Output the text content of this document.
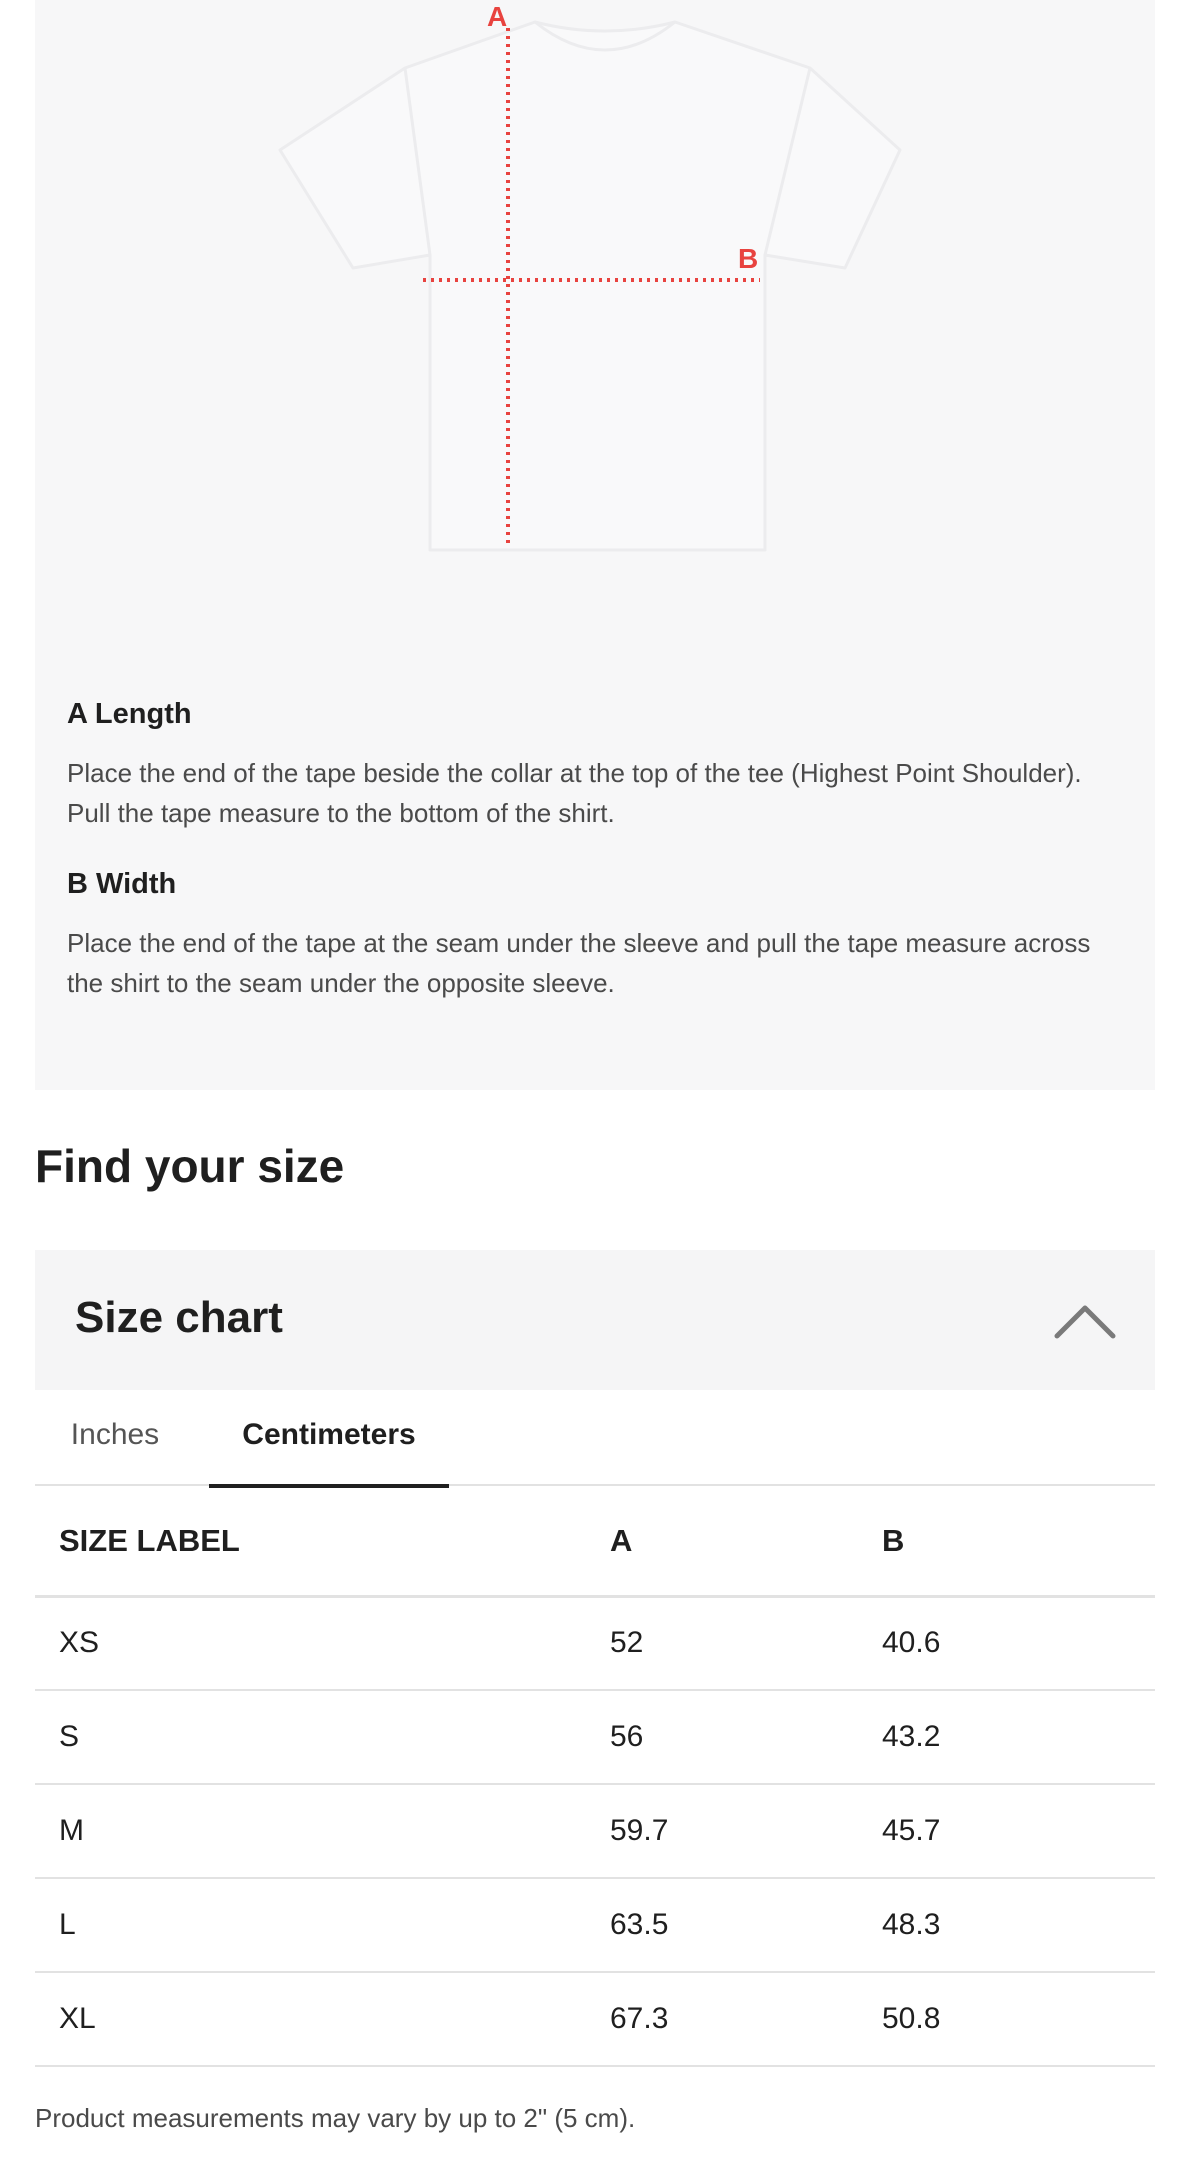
A
B
A Length

Place the end of the tape beside the collar at the top of the tee (Highest Point Shoulder). Pull the tape measure to the bottom of the shirt.

B Width

Place the end of the tape at the seam under the sleeve and pull the tape measure across the shirt to the seam under the opposite sleeve.

Find your size
Size chart
Inches	Centimeters
SIZE LABEL	A	B
XS	52	40.6
S	56	43.2
M	59.7	45.7
L	63.5	48.3
XL	67.3	50.8

Product measurements may vary by up to 2" (5 cm).
